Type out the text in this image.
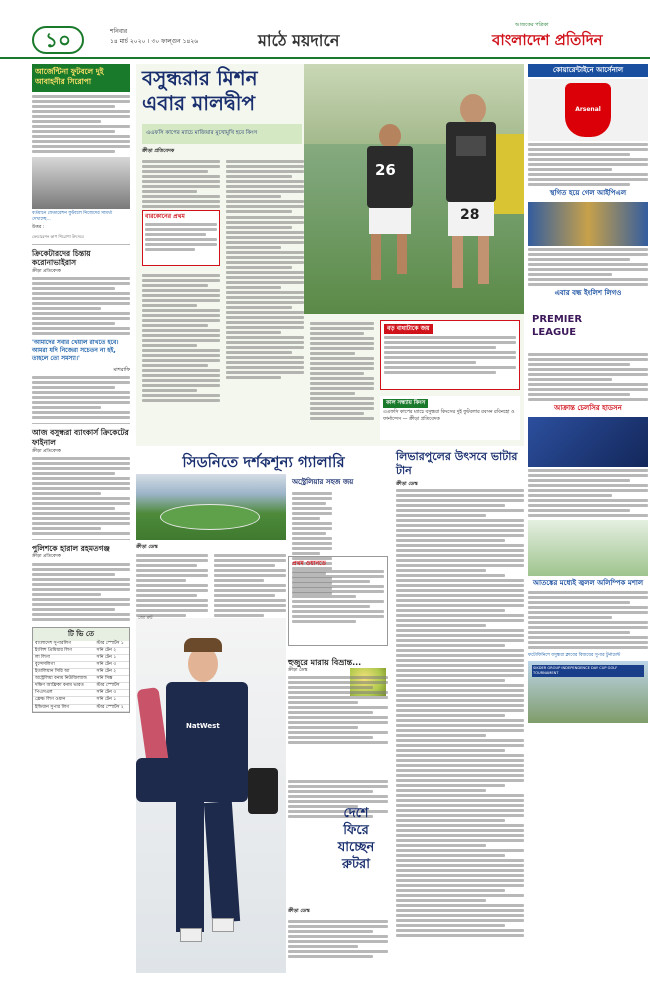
১০	শনিবার
১৪ মার্চ ২০২০ । ৩০ ফাল্গুন ১৪২৬	মাঠে ময়দানে
আজকের পত্রিকা
বাংলাদেশ প্রতিদিন
আর্জেন্টিনা ফুটবলে দুই আবাহনীর সিরোপা
বর্তমানে ফেডারেশন ফুটবলে নিজেদের সামর্থ্য দেখাচ্ছে...
উত্তর :
ফেডারেশন কাপ শিরোপা উৎসবে
ক্রিকেটারদের চিন্তায় করোনাভাইরাস
ক্রীড়া প্রতিবেদক
'আমাদের সবার খেয়াল রাখতে হবে। আমরা যদি নিজেরা সচেতন না হই, তাহলে তো সমস্যা।'
মাশরাফি
আজ বসুন্ধরা ব্যাংকার্স ক্রিকেটের ফাইনাল
ক্রীড়া প্রতিবেদক
পুলিশকে হারাল রহমতগঞ্জ
ক্রীড়া প্রতিবেদক
টি ভি তে
বাংলাদেশ সুপারলিগ	স্টার স্পোর্টস ১
ইংলিশ প্রিমিয়ার লিগ	সনি টেন ২
লা লিগা	সনি টেন ১
বুন্দেসলিগা	সনি টেন ৩
ইতালিয়ান সিরি আ	সনি টেন ২
অস্ট্রেলিয়া বনাম নিউজিল্যান্ড	সনি সিক্স
দক্ষিণ আফ্রিকা বনাম ভারত	স্টার স্পোর্টস
পিএসএল	সনি টেন ৩
ফ্রেঞ্চ লিগ ওয়ান	সনি টেন ১
ইন্ডিয়ান সুপার লিগ	স্টার স্পোর্টস ২
বসুন্ধরার মিশন এবার মালদ্বীপ
এএফসি কাপের ম্যাচে মাজিয়ার মুখোমুখি হবে কিংস
ক্রীড়া প্রতিবেদক
26
28
বারকোনের প্রথম
বড় বাধাটাকে জয়
কাল সন্ধ্যায় কিংস
এএফসি কাপের ম্যাচে বসুন্ধরা কিংসের দুই ফুটবলার রবসন রবিনহো ও ফার্নান্দেস — ক্রীড়া প্রতিবেদক
সিডনিতে দর্শকশূন্য গ্যালারি
অস্ট্রেলিয়ার সহজ জয়
ক্রীড়া ডেস্ক
NatWest
জো রুট
প্রথম ওয়ানডে
হুজুরে মারায় বিভ্রান্ত...
ক্রীড়া ডেস্ক
দেশে
ফিরে
যাচ্ছেন
রুটরা
ক্রীড়া ডেস্ক
লিভারপুলের উৎসবে ভাটার টান
ক্রীড়া ডেস্ক
কোয়ারেন্টাইনে আর্সেনাল
Arsenal
স্থগিত হয়ে গেল আইপিএল
এবার বন্ধ ইংলিশ লিগও
PREMIER
LEAGUE
আক্রান্ত চেলসির হাডসন
আতঙ্কের মধ্যেই জ্বলল অলিম্পিক মশাল
ফটোফিনিশে বসুন্ধরা ক্লাবের বিজয়ের সুপার টুর্নামেন্ট
SIKDER GROUP INDEPENDENCE DAY CUP GOLF TOURNAMENT
